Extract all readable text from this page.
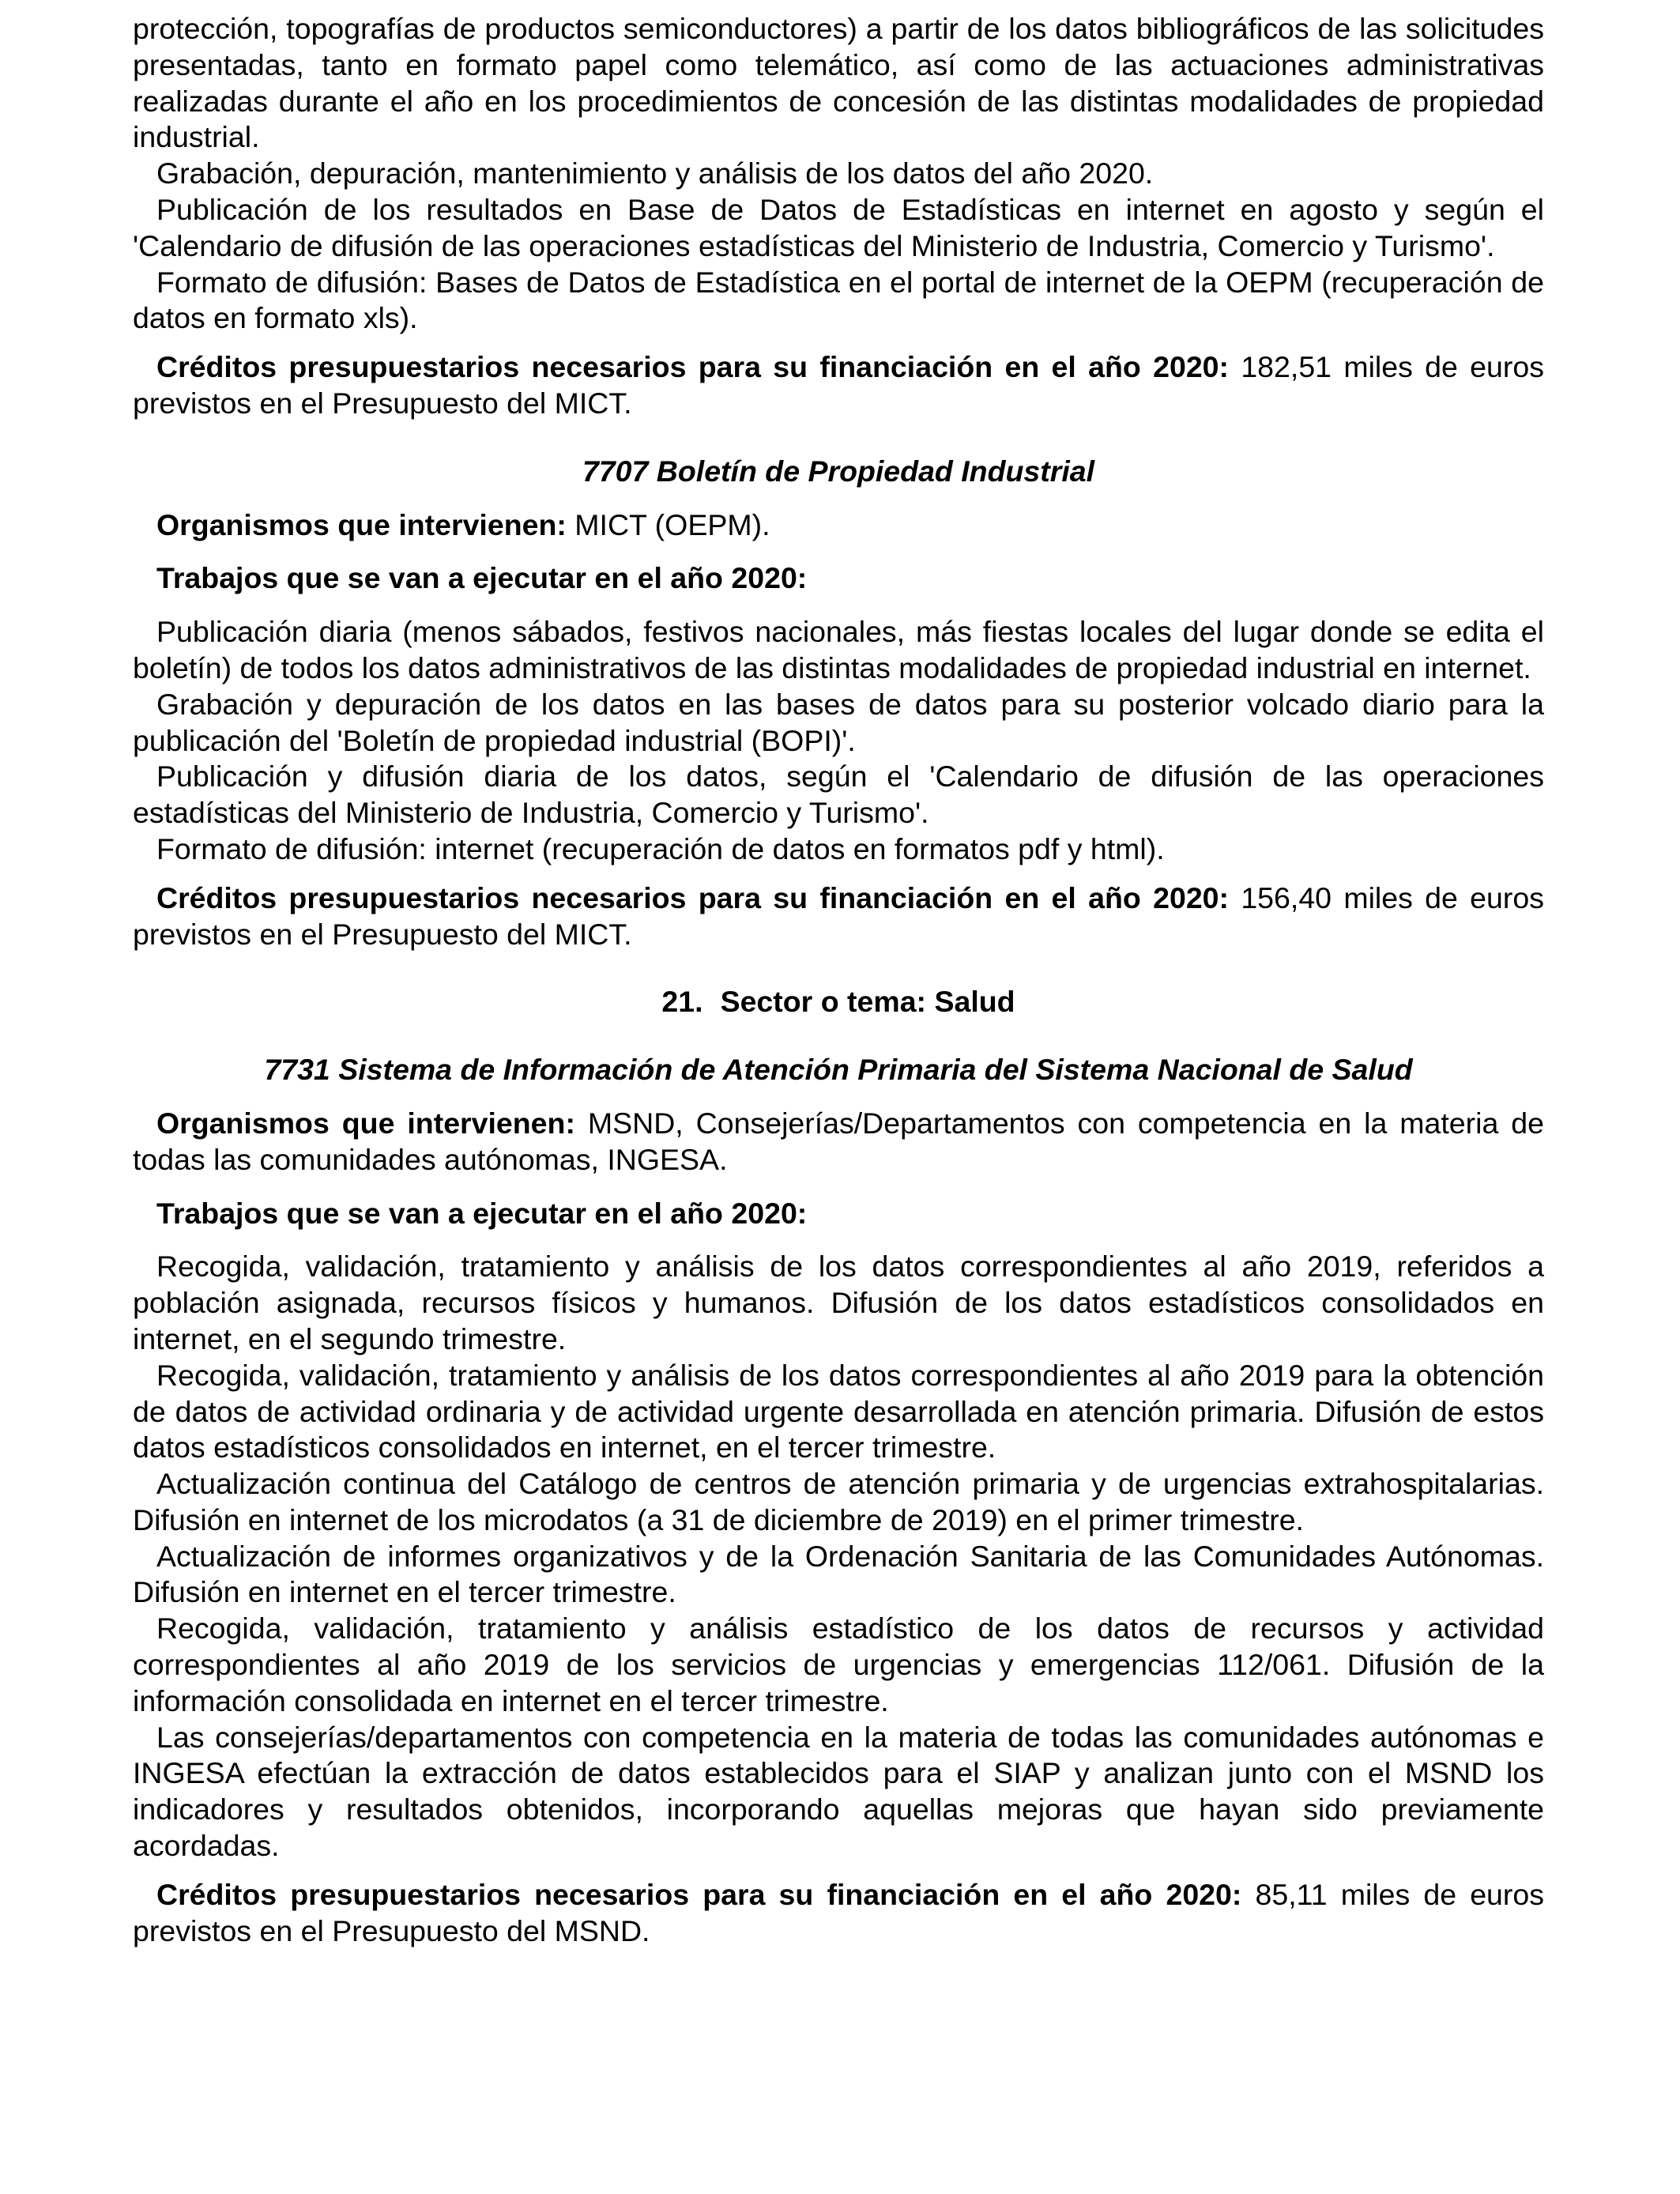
protección, topografías de productos semiconductores) a partir de los datos bibliográficos de las solicitudes presentadas, tanto en formato papel como telemático, así como de las actuaciones administrativas realizadas durante el año en los procedimientos de concesión de las distintas modalidades de propiedad industrial.

Grabación, depuración, mantenimiento y análisis de los datos del año 2020.

Publicación de los resultados en Base de Datos de Estadísticas en internet en agosto y según el 'Calendario de difusión de las operaciones estadísticas del Ministerio de Industria, Comercio y Turismo'.

Formato de difusión: Bases de Datos de Estadística en el portal de internet de la OEPM (recuperación de datos en formato xls).

Créditos presupuestarios necesarios para su financiación en el año 2020: 182,51 miles de euros previstos en el Presupuesto del MICT.

7707 Boletín de Propiedad Industrial

Organismos que intervienen: MICT (OEPM).

Trabajos que se van a ejecutar en el año 2020:

Publicación diaria (menos sábados, festivos nacionales, más fiestas locales del lugar donde se edita el boletín) de todos los datos administrativos de las distintas modalidades de propiedad industrial en internet.

Grabación y depuración de los datos en las bases de datos para su posterior volcado diario para la publicación del 'Boletín de propiedad industrial (BOPI)'.

Publicación y difusión diaria de los datos, según el 'Calendario de difusión de las operaciones estadísticas del Ministerio de Industria, Comercio y Turismo'.

Formato de difusión: internet (recuperación de datos en formatos pdf y html).

Créditos presupuestarios necesarios para su financiación en el año 2020: 156,40 miles de euros previstos en el Presupuesto del MICT.

21. Sector o tema: Salud

7731 Sistema de Información de Atención Primaria del Sistema Nacional de Salud

Organismos que intervienen: MSND, Consejerías/Departamentos con competencia en la materia de todas las comunidades autónomas, INGESA.

Trabajos que se van a ejecutar en el año 2020:

Recogida, validación, tratamiento y análisis de los datos correspondientes al año 2019, referidos a población asignada, recursos físicos y humanos. Difusión de los datos estadísticos consolidados en internet, en el segundo trimestre.

Recogida, validación, tratamiento y análisis de los datos correspondientes al año 2019 para la obtención de datos de actividad ordinaria y de actividad urgente desarrollada en atención primaria. Difusión de estos datos estadísticos consolidados en internet, en el tercer trimestre.

Actualización continua del Catálogo de centros de atención primaria y de urgencias extrahospitalarias. Difusión en internet de los microdatos (a 31 de diciembre de 2019) en el primer trimestre.

Actualización de informes organizativos y de la Ordenación Sanitaria de las Comunidades Autónomas. Difusión en internet en el tercer trimestre.

Recogida, validación, tratamiento y análisis estadístico de los datos de recursos y actividad correspondientes al año 2019 de los servicios de urgencias y emergencias 112/061. Difusión de la información consolidada en internet en el tercer trimestre.

Las consejerías/departamentos con competencia en la materia de todas las comunidades autónomas e INGESA efectúan la extracción de datos establecidos para el SIAP y analizan junto con el MSND los indicadores y resultados obtenidos, incorporando aquellas mejoras que hayan sido previamente acordadas.

Créditos presupuestarios necesarios para su financiación en el año 2020: 85,11 miles de euros previstos en el Presupuesto del MSND.
